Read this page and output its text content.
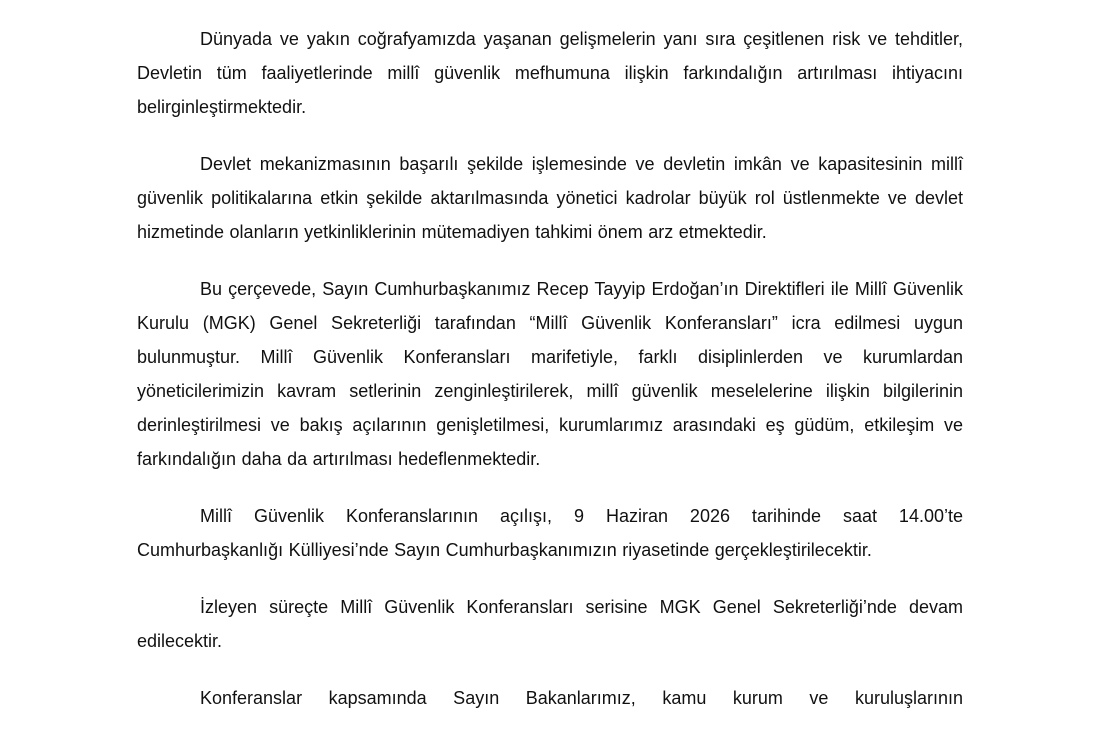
Dünyada ve yakın coğrafyamızda yaşanan gelişmelerin yanı sıra çeşitlenen risk ve tehditler, Devletin tüm faaliyetlerinde millî güvenlik mefhumuna ilişkin farkındalığın artırılması ihtiyacını belirginleştirmektedir.

Devlet mekanizmasının başarılı şekilde işlemesinde ve devletin imkân ve kapasitesinin millî güvenlik politikalarına etkin şekilde aktarılmasında yönetici kadrolar büyük rol üstlenmekte ve devlet hizmetinde olanların yetkinliklerinin mütemadiyen tahkimi önem arz etmektedir.

Bu çerçevede, Sayın Cumhurbaşkanımız Recep Tayyip Erdoğan’ın Direktifleri ile Millî Güvenlik Kurulu (MGK) Genel Sekreterliği tarafından “Millî Güvenlik Konferansları” icra edilmesi uygun bulunmuştur. Millî Güvenlik Konferansları marifetiyle, farklı disiplinlerden ve kurumlardan yöneticilerimizin kavram setlerinin zenginleştirilerek, millî güvenlik meselelerine ilişkin bilgilerinin derinleştirilmesi ve bakış açılarının genişletilmesi, kurumlarımız arasındaki eş güdüm, etkileşim ve farkındalığın daha da artırılması hedeflenmektedir.

Millî Güvenlik Konferanslarının açılışı, 9 Haziran 2026 tarihinde saat 14.00’te Cumhurbaşkanlığı Külliyesi’nde Sayın Cumhurbaşkanımızın riyasetinde gerçekleştirilecektir.

İzleyen süreçte Millî Güvenlik Konferansları serisine MGK Genel Sekreterliği’nde devam edilecektir.

Konferanslar kapsamında Sayın Bakanlarımız, kamu kurum ve kuruluşlarının
